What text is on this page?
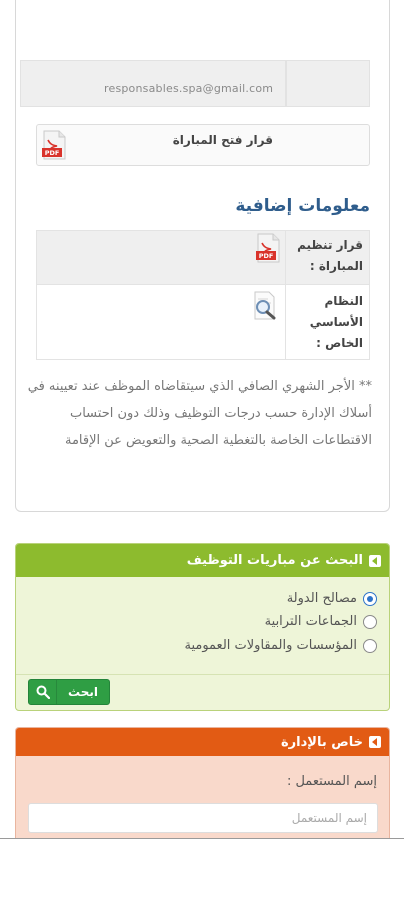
responsables.spa@gmail.com
PDF
قرار فتح المباراة
معلومات إضافية
قرار تنظيم المباراة :
PDF
النظام الأساسي الخاص :

** الأجر الشهري الصافي الذي سيتقاضاه الموظف عند تعيينه في أسلاك الإدارة حسب درجات التوظيف وذلك دون احتساب الاقتطاعات الخاصة بالتغطية الصحية والتعويض عن الإقامة

البحث عن مباريات التوظيف
مصالح الدولة
الجماعات الترابية
المؤسسات والمقاولات العمومية
ابحث
خاص بالإدارة
إسم المستعمل :
إسم المستعمل
